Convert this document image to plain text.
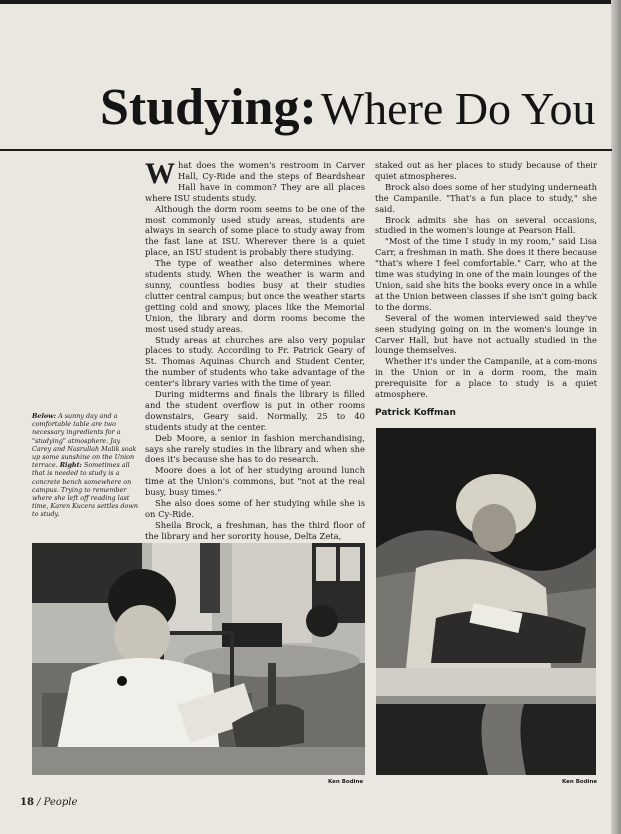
Studying: Where Do You
Below: A sunny day and a comfortable table are two necessary ingredients for a "studying" atmosphere. Jay Carey and Nasrullah Malik soak up some sunshine on the Union terrace. Right: Sometimes all that is needed to study is a concrete bench somewhere on campus. Trying to remember where she left off reading last time, Karen Kucera settles down to study.

What does the women's restroom in Carver Hall, Cy-Ride and the steps of Beardshear Hall have in common? They are all places where ISU students study.

Although the dorm room seems to be one of the most commonly used study areas, students are always in search of some place to study away from the fast lane at ISU. Wherever there is a quiet place, an ISU student is probably there studying.

The type of weather also determines where students study. When the weather is warm and sunny, countless bodies busy at their studies clutter central campus; but once the weather starts getting cold and snowy, places like the Memorial Union, the library and dorm rooms become the most used study areas.

Study areas at churches are also very popular places to study. According to Fr. Patrick Geary of St. Thomas Aquinas Church and Student Center, the number of students who take advantage of the center's library varies with the time of year.

During midterms and finals the library is filled and the student overflow is put in other rooms downstairs, Geary said. Normally, 25 to 40 students study at the center.

Deb Moore, a senior in fashion merchandising, says she rarely studies in the library and when she does it's because she has to do research.

Moore does a lot of her studying around lunch time at the Union's commons, but "not at the real busy, busy times."

She also does some of her studying while she is on Cy-Ride.

Sheila Brock, a freshman, has the third floor of the library and her sorority house, Delta Zeta,

staked out as her places to study because of their quiet atmospheres.

Brock also does some of her studying underneath the Campanile. "That's a fun place to study," she said.

Brock admits she has on several occasions, studied in the women's lounge at Pearson Hall.

"Most of the time I study in my room," said Lisa Carr, a freshman in math. She does it there because "that's where I feel comfortable." Carr, who at the time was studying in one of the main lounges of the Union, said she hits the books every once in a while at the Union between classes if she isn't going back to the dorms.

Several of the women interviewed said they've seen studying going on in the women's lounge in Carver Hall, but have not actually studied in the lounge themselves.

Whether it's under the Campanile, at a com-mons in the Union or in a dorm room, the main prerequisite for a place to study is a quiet atmosphere.

Patrick Koffman
Ken Bodine	Ken Bodine
18 / People
